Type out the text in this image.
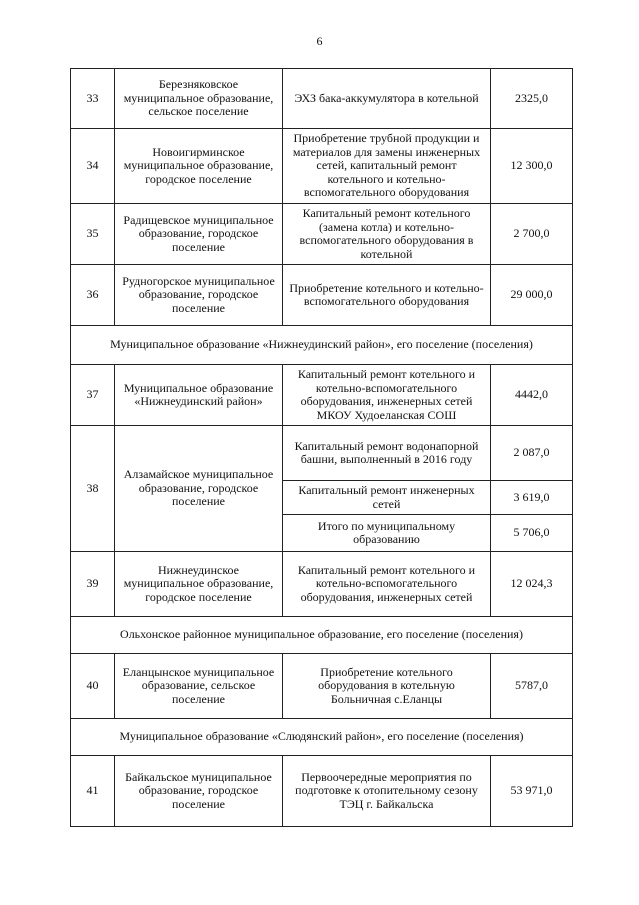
6
33	Березняковское муниципальное образование, сельское поселение	ЭХЗ бака-аккумулятора в котельной	2325,0
34	Новоигирминское муниципальное образование, городское поселение	Приобретение трубной продукции и материалов для замены инженерных сетей, капитальный ремонт котельного и котельно-вспомогательного оборудования	12 300,0
35	Радищевское муниципальное образование, городское поселение	Капитальный ремонт котельного (замена котла) и котельно-вспомогательного оборудования в котельной	2 700,0
36	Рудногорское муниципальное образование, городское поселение	Приобретение котельного и котельно-вспомогательного оборудования	29 000,0
Муниципальное образование «Нижнеудинский район», его поселение (поселения)			
37	Муниципальное образование «Нижнеудинский район»	Капитальный ремонт котельного и котельно-вспомогательного оборудования, инженерных сетей МКОУ Худоеланская СОШ	4442,0
38	Алзамайское муниципальное образование, городское поселение	Капитальный ремонт водонапорной башни, выполненный в 2016 году	2 087,0
		Капитальный ремонт инженерных сетей	3 619,0
		Итого по муниципальному образованию	5 706,0
39	Нижнеудинское муниципальное образование, городское поселение	Капитальный ремонт котельного и котельно-вспомогательного оборудования, инженерных сетей	12 024,3
Ольхонское районное муниципальное образование, его поселение (поселения)			
40	Еланцынское муниципальное образование, сельское поселение	Приобретение котельного оборудования в котельную Больничная с.Еланцы	5787,0
Муниципальное образование «Слюдянский район», его поселение (поселения)			
41	Байкальское муниципальное образование, городское поселение	Первоочередные мероприятия по подготовке к отопительному сезону ТЭЦ г. Байкальска	53 971,0
